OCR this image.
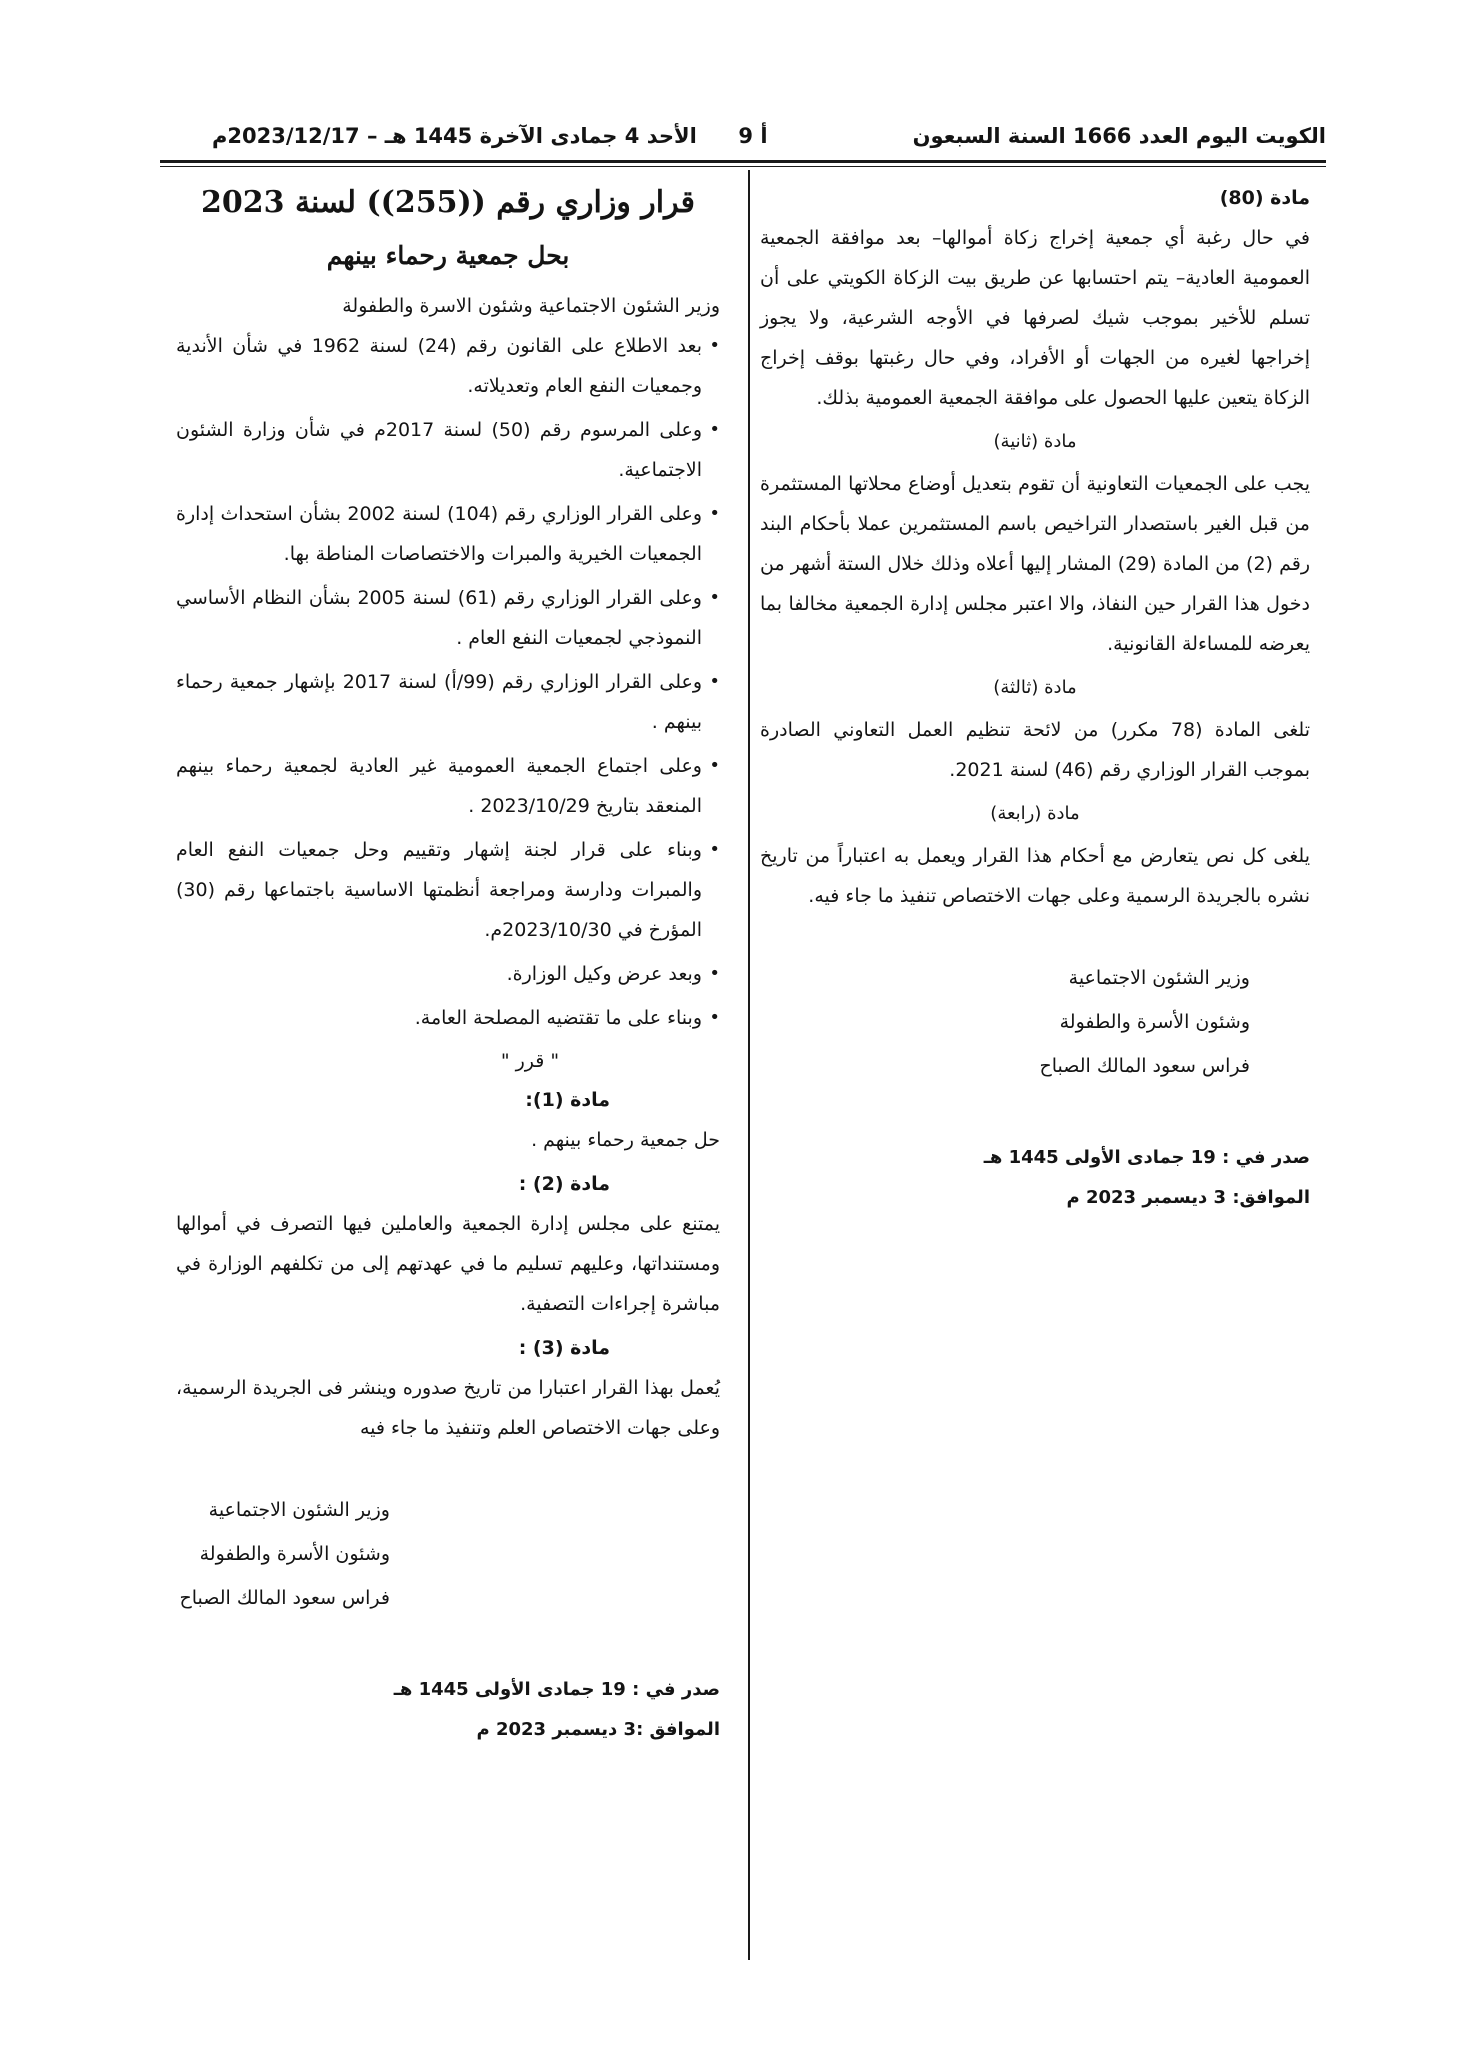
الكويت اليوم العدد 1666 السنة السبعون
أ 9
الأحد 4 جمادى الآخرة 1445 هـ – 2023/12/17م
مادة (80)

في حال رغبة أي جمعية إخراج زكاة أموالها– بعد موافقة الجمعية العمومية العادية– يتم احتسابها عن طريق بيت الزكاة الكويتي على أن تسلم للأخير بموجب شيك لصرفها في الأوجه الشرعية، ولا يجوز إخراجها لغيره من الجهات أو الأفراد، وفي حال رغبتها بوقف إخراج الزكاة يتعين عليها الحصول على موافقة الجمعية العمومية بذلك.

مادة (ثانية)

يجب على الجمعيات التعاونية أن تقوم بتعديل أوضاع محلاتها المستثمرة من قبل الغير باستصدار التراخيص باسم المستثمرين عملا بأحكام البند رقم (2) من المادة (29) المشار إليها أعلاه وذلك خلال الستة أشهر من دخول هذا القرار حين النفاذ، والا اعتبر مجلس إدارة الجمعية مخالفا بما يعرضه للمساءلة القانونية.

مادة (ثالثة)

تلغى المادة (78 مكرر) من لائحة تنظيم العمل التعاوني الصادرة بموجب القرار الوزاري رقم (46) لسنة 2021.

مادة (رابعة)

يلغى كل نص يتعارض مع أحكام هذا القرار ويعمل به اعتباراً من تاريخ نشره بالجريدة الرسمية وعلى جهات الاختصاص تنفيذ ما جاء فيه.

وزير الشئون الاجتماعية
وشئون الأسرة والطفولة
فراس سعود المالك الصباح
صدر في : 19 جمادى الأولى 1445 هـ
الموافق: 3 ديسمبر 2023 م
قرار وزاري رقم ((255)) لسنة 2023
بحل جمعية رحماء بينهم
وزير الشئون الاجتماعية وشئون الاسرة والطفولة
• بعد الاطلاع على القانون رقم (24) لسنة 1962 في شأن الأندية وجمعيات النفع العام وتعديلاته.
• وعلى المرسوم رقم (50) لسنة 2017م في شأن وزارة الشئون الاجتماعية.
• وعلى القرار الوزاري رقم (104) لسنة 2002 بشأن استحداث إدارة الجمعيات الخيرية والمبرات والاختصاصات المناطة بها.
• وعلى القرار الوزاري رقم (61) لسنة 2005 بشأن النظام الأساسي النموذجي لجمعيات النفع العام .
• وعلى القرار الوزاري رقم (99/أ) لسنة 2017 بإشهار جمعية رحماء بينهم .
• وعلى اجتماع الجمعية العمومية غير العادية لجمعية رحماء بينهم المنعقد بتاريخ 2023/10/29 .
• وبناء على قرار لجنة إشهار وتقييم وحل جمعيات النفع العام والمبرات ودارسة ومراجعة أنظمتها الاساسية باجتماعها رقم (30) المؤرخ في 2023/10/30م.
• وبعد عرض وكيل الوزارة.
• وبناء على ما تقتضيه المصلحة العامة.
" قرر "
مادة (1):

حل جمعية رحماء بينهم .

مادة (2) :

يمتنع على مجلس إدارة الجمعية والعاملين فيها التصرف في أموالها ومستنداتها، وعليهم تسليم ما في عهدتهم إلى من تكلفهم الوزارة في مباشرة إجراءات التصفية.

مادة (3) :

يُعمل بهذا القرار اعتبارا من تاريخ صدوره وينشر فى الجريدة الرسمية، وعلى جهات الاختصاص العلم وتنفيذ ما جاء فيه

وزير الشئون الاجتماعية
وشئون الأسرة والطفولة
فراس سعود المالك الصباح
صدر في : 19 جمادى الأولى 1445 هـ
الموافق :3 ديسمبر 2023 م
